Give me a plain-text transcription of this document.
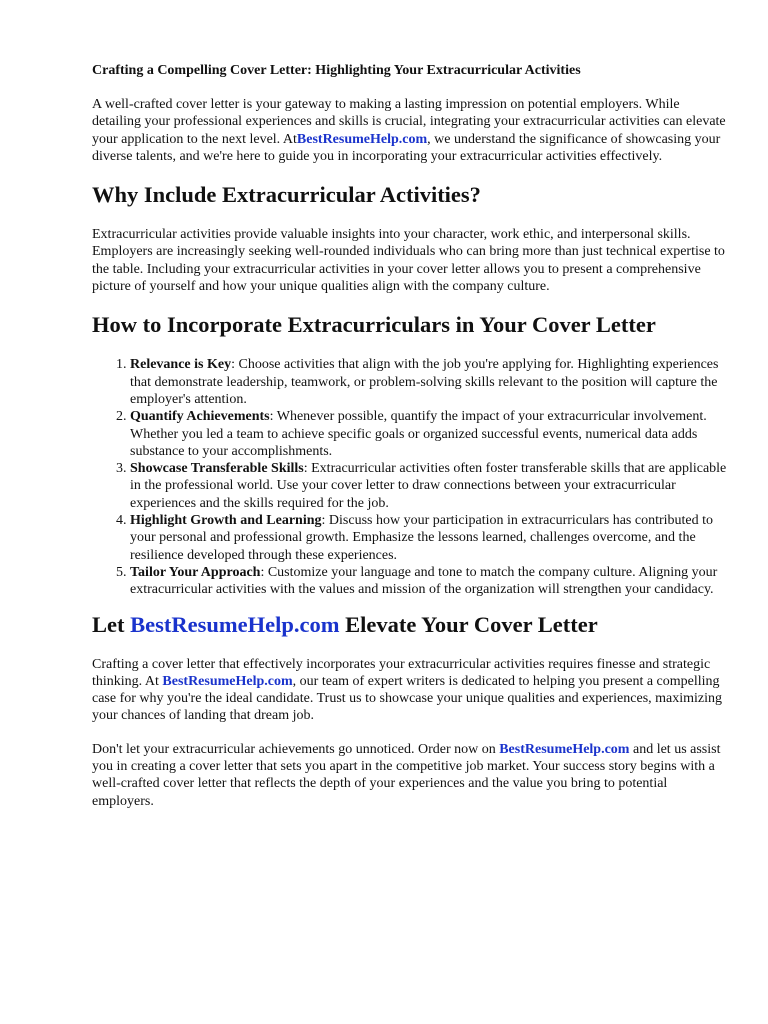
Crafting a Compelling Cover Letter: Highlighting Your Extracurricular Activities

A well-crafted cover letter is your gateway to making a lasting impression on potential employers. While detailing your professional experiences and skills is crucial, integrating your extracurricular activities can elevate your application to the next level. AtBestResumeHelp.com, we understand the significance of showcasing your diverse talents, and we're here to guide you in incorporating your extracurricular activities effectively.

Why Include Extracurricular Activities?

Extracurricular activities provide valuable insights into your character, work ethic, and interpersonal skills. Employers are increasingly seeking well-rounded individuals who can bring more than just technical expertise to the table. Including your extracurricular activities in your cover letter allows you to present a comprehensive picture of yourself and how your unique qualities align with the company culture.

How to Incorporate Extracurriculars in Your Cover Letter
1. Relevance is Key: Choose activities that align with the job you're applying for. Highlighting experiences that demonstrate leadership, teamwork, or problem-solving skills relevant to the position will capture the employer's attention.
2. Quantify Achievements: Whenever possible, quantify the impact of your extracurricular involvement. Whether you led a team to achieve specific goals or organized successful events, numerical data adds substance to your accomplishments.
3. Showcase Transferable Skills: Extracurricular activities often foster transferable skills that are applicable in the professional world. Use your cover letter to draw connections between your extracurricular experiences and the skills required for the job.
4. Highlight Growth and Learning: Discuss how your participation in extracurriculars has contributed to your personal and professional growth. Emphasize the lessons learned, challenges overcome, and the resilience developed through these experiences.
5. Tailor Your Approach: Customize your language and tone to match the company culture. Aligning your extracurricular activities with the values and mission of the organization will strengthen your candidacy.
Let BestResumeHelp.com Elevate Your Cover Letter

Crafting a cover letter that effectively incorporates your extracurricular activities requires finesse and strategic thinking. At BestResumeHelp.com, our team of expert writers is dedicated to helping you present a compelling case for why you're the ideal candidate. Trust us to showcase your unique qualities and experiences, maximizing your chances of landing that dream job.

Don't let your extracurricular achievements go unnoticed. Order now on BestResumeHelp.com and let us assist you in creating a cover letter that sets you apart in the competitive job market. Your success story begins with a well-crafted cover letter that reflects the depth of your experiences and the value you bring to potential employers.
